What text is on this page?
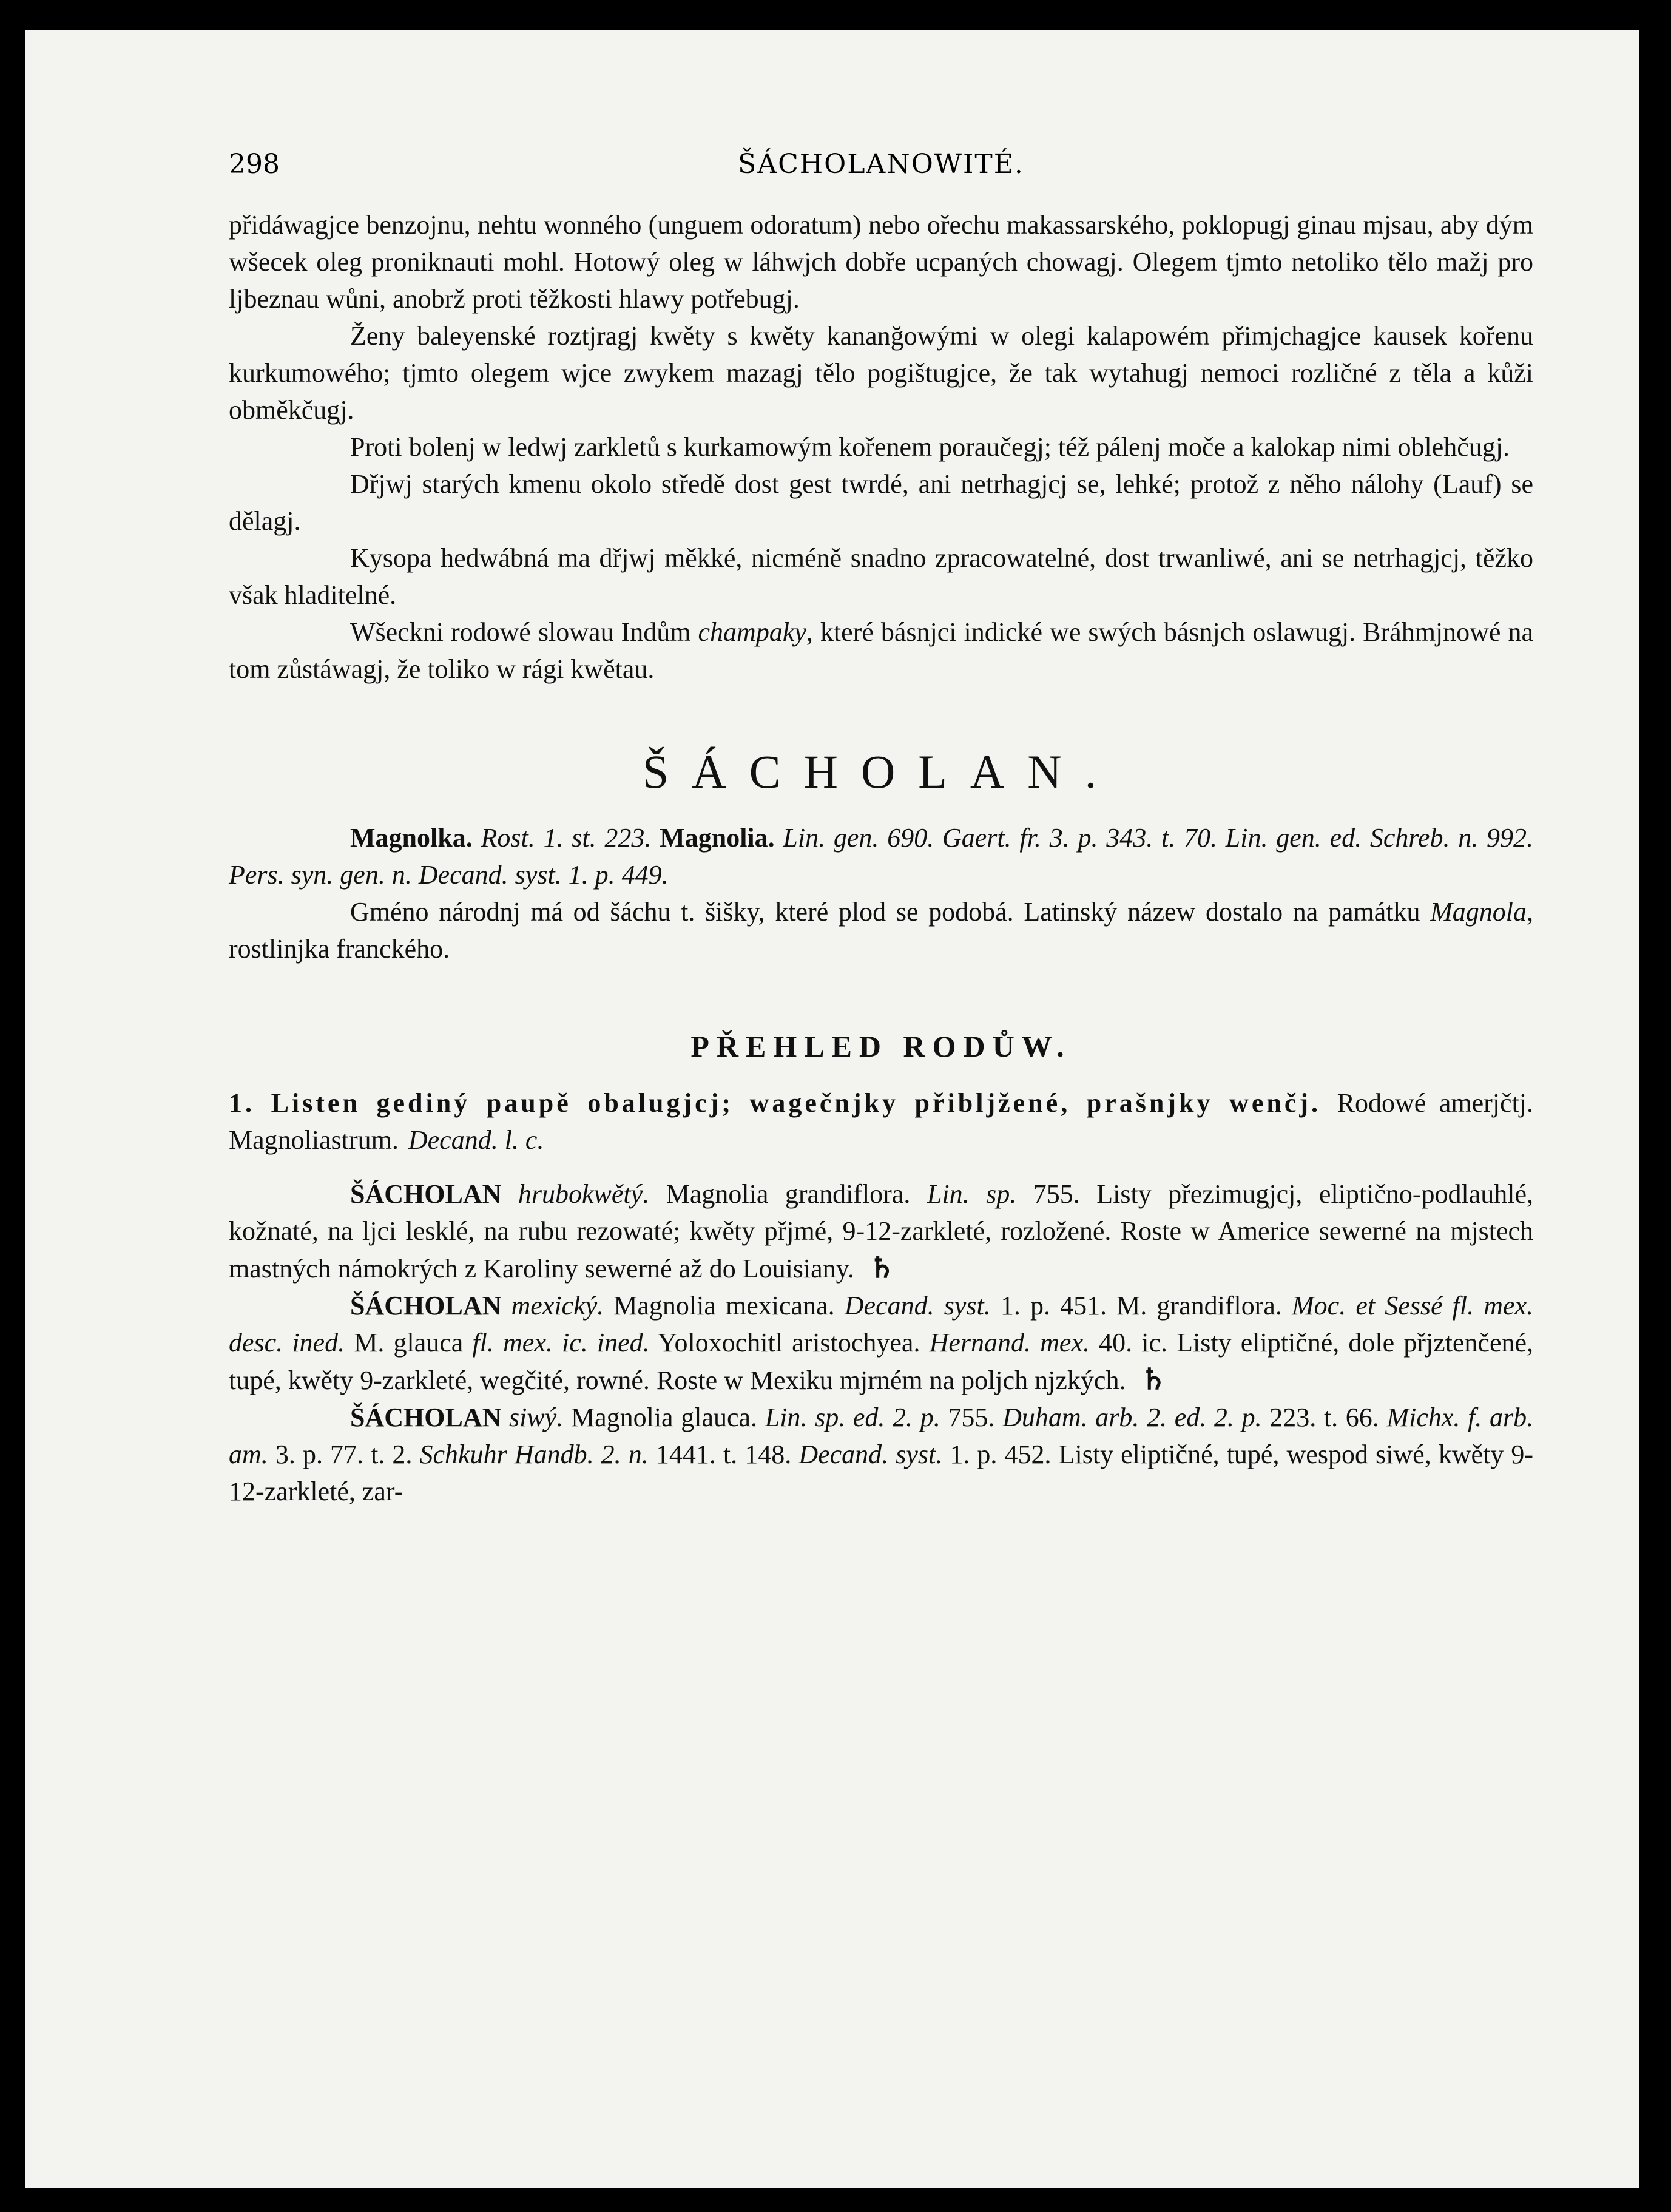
298	ŠÁCHOLANOWITÉ.

přidáwagjce benzojnu, nehtu wonného (unguem odoratum) nebo ořechu makassarského, poklopugj ginau mjsau, aby dým wšecek oleg proniknauti mohl. Hotowý oleg w láhwjch dobře ucpaných chowagj. Olegem tjmto netoliko tělo mažj pro ljbeznau wůni, anobrž proti těžkosti hlawy potřebugj.

Ženy baleyenské roztjragj kwěty s kwěty kananğowými w olegi kalapowém přimjchagjce kausek kořenu kurkumowého; tjmto olegem wjce zwykem mazagj tělo pogištugjce, že tak wytahugj nemoci rozličné z těla a kůži obměkčugj.

Proti bolenj w ledwj zarkletů s kurkamowým kořenem poraučegj; též pálenj moče a kalokap nimi oblehčugj.

Dřjwj starých kmenu okolo středě dost gest twrdé, ani netrhagjcj se, lehké; protož z něho nálohy (Lauf) se dělagj.

Kysopa hedwábná ma dřjwj měkké, nicméně snadno zpracowatelné, dost trwanliwé, ani se netrhagjcj, těžko však hladitelné.

Wšeckni rodowé slowau Indům champaky, které básnjci indické we swých básnjch oslawugj. Bráhmjnowé na tom zůstáwagj, že toliko w rági kwětau.

ŠÁCHOLAN.

Magnolka. Rost. 1. st. 223. Magnolia. Lin. gen. 690. Gaert. fr. 3. p. 343. t. 70. Lin. gen. ed. Schreb. n. 992. Pers. syn. gen. n. Decand. syst. 1. p. 449.

Gméno národnj má od šáchu t. šišky, které plod se podobá. Latinský názew dostalo na památku Magnola, rostlinjka franckého.

PŘEHLED RODŮW.

1. Listen gediný paupě obalugjcj; wagečnjky přibljžené, prašnjky wenčj. Rodowé amerjčtj. Magnoliastrum. Decand. l. c.

ŠÁCHOLAN hrubokwětý. Magnolia grandiflora. Lin. sp. 755. Listy přezimugjcj, eliptično-podlauhlé, kožnaté, na ljci lesklé, na rubu rezowaté; kwěty přjmé, 9-12-zarkleté, rozložené. Roste w Americe sewerné na mjstech mastných námokrých z Karoliny sewerné až do Louisiany. ♄

ŠÁCHOLAN mexický. Magnolia mexicana. Decand. syst. 1. p. 451. M. grandiflora. Moc. et Sessé fl. mex. desc. ined. M. glauca fl. mex. ic. ined. Yoloxochitl aristochyea. Hernand. mex. 40. ic. Listy eliptičné, dole přjztenčené, tupé, kwěty 9-zarkleté, wegčité, rowné. Roste w Mexiku mjrném na poljch njzkých. ♄

ŠÁCHOLAN siwý. Magnolia glauca. Lin. sp. ed. 2. p. 755. Duham. arb. 2. ed. 2. p. 223. t. 66. Michx. f. arb. am. 3. p. 77. t. 2. Schkuhr Handb. 2. n. 1441. t. 148. Decand. syst. 1. p. 452. Listy eliptičné, tupé, wespod siwé, kwěty 9-12-zarkleté, zar-
